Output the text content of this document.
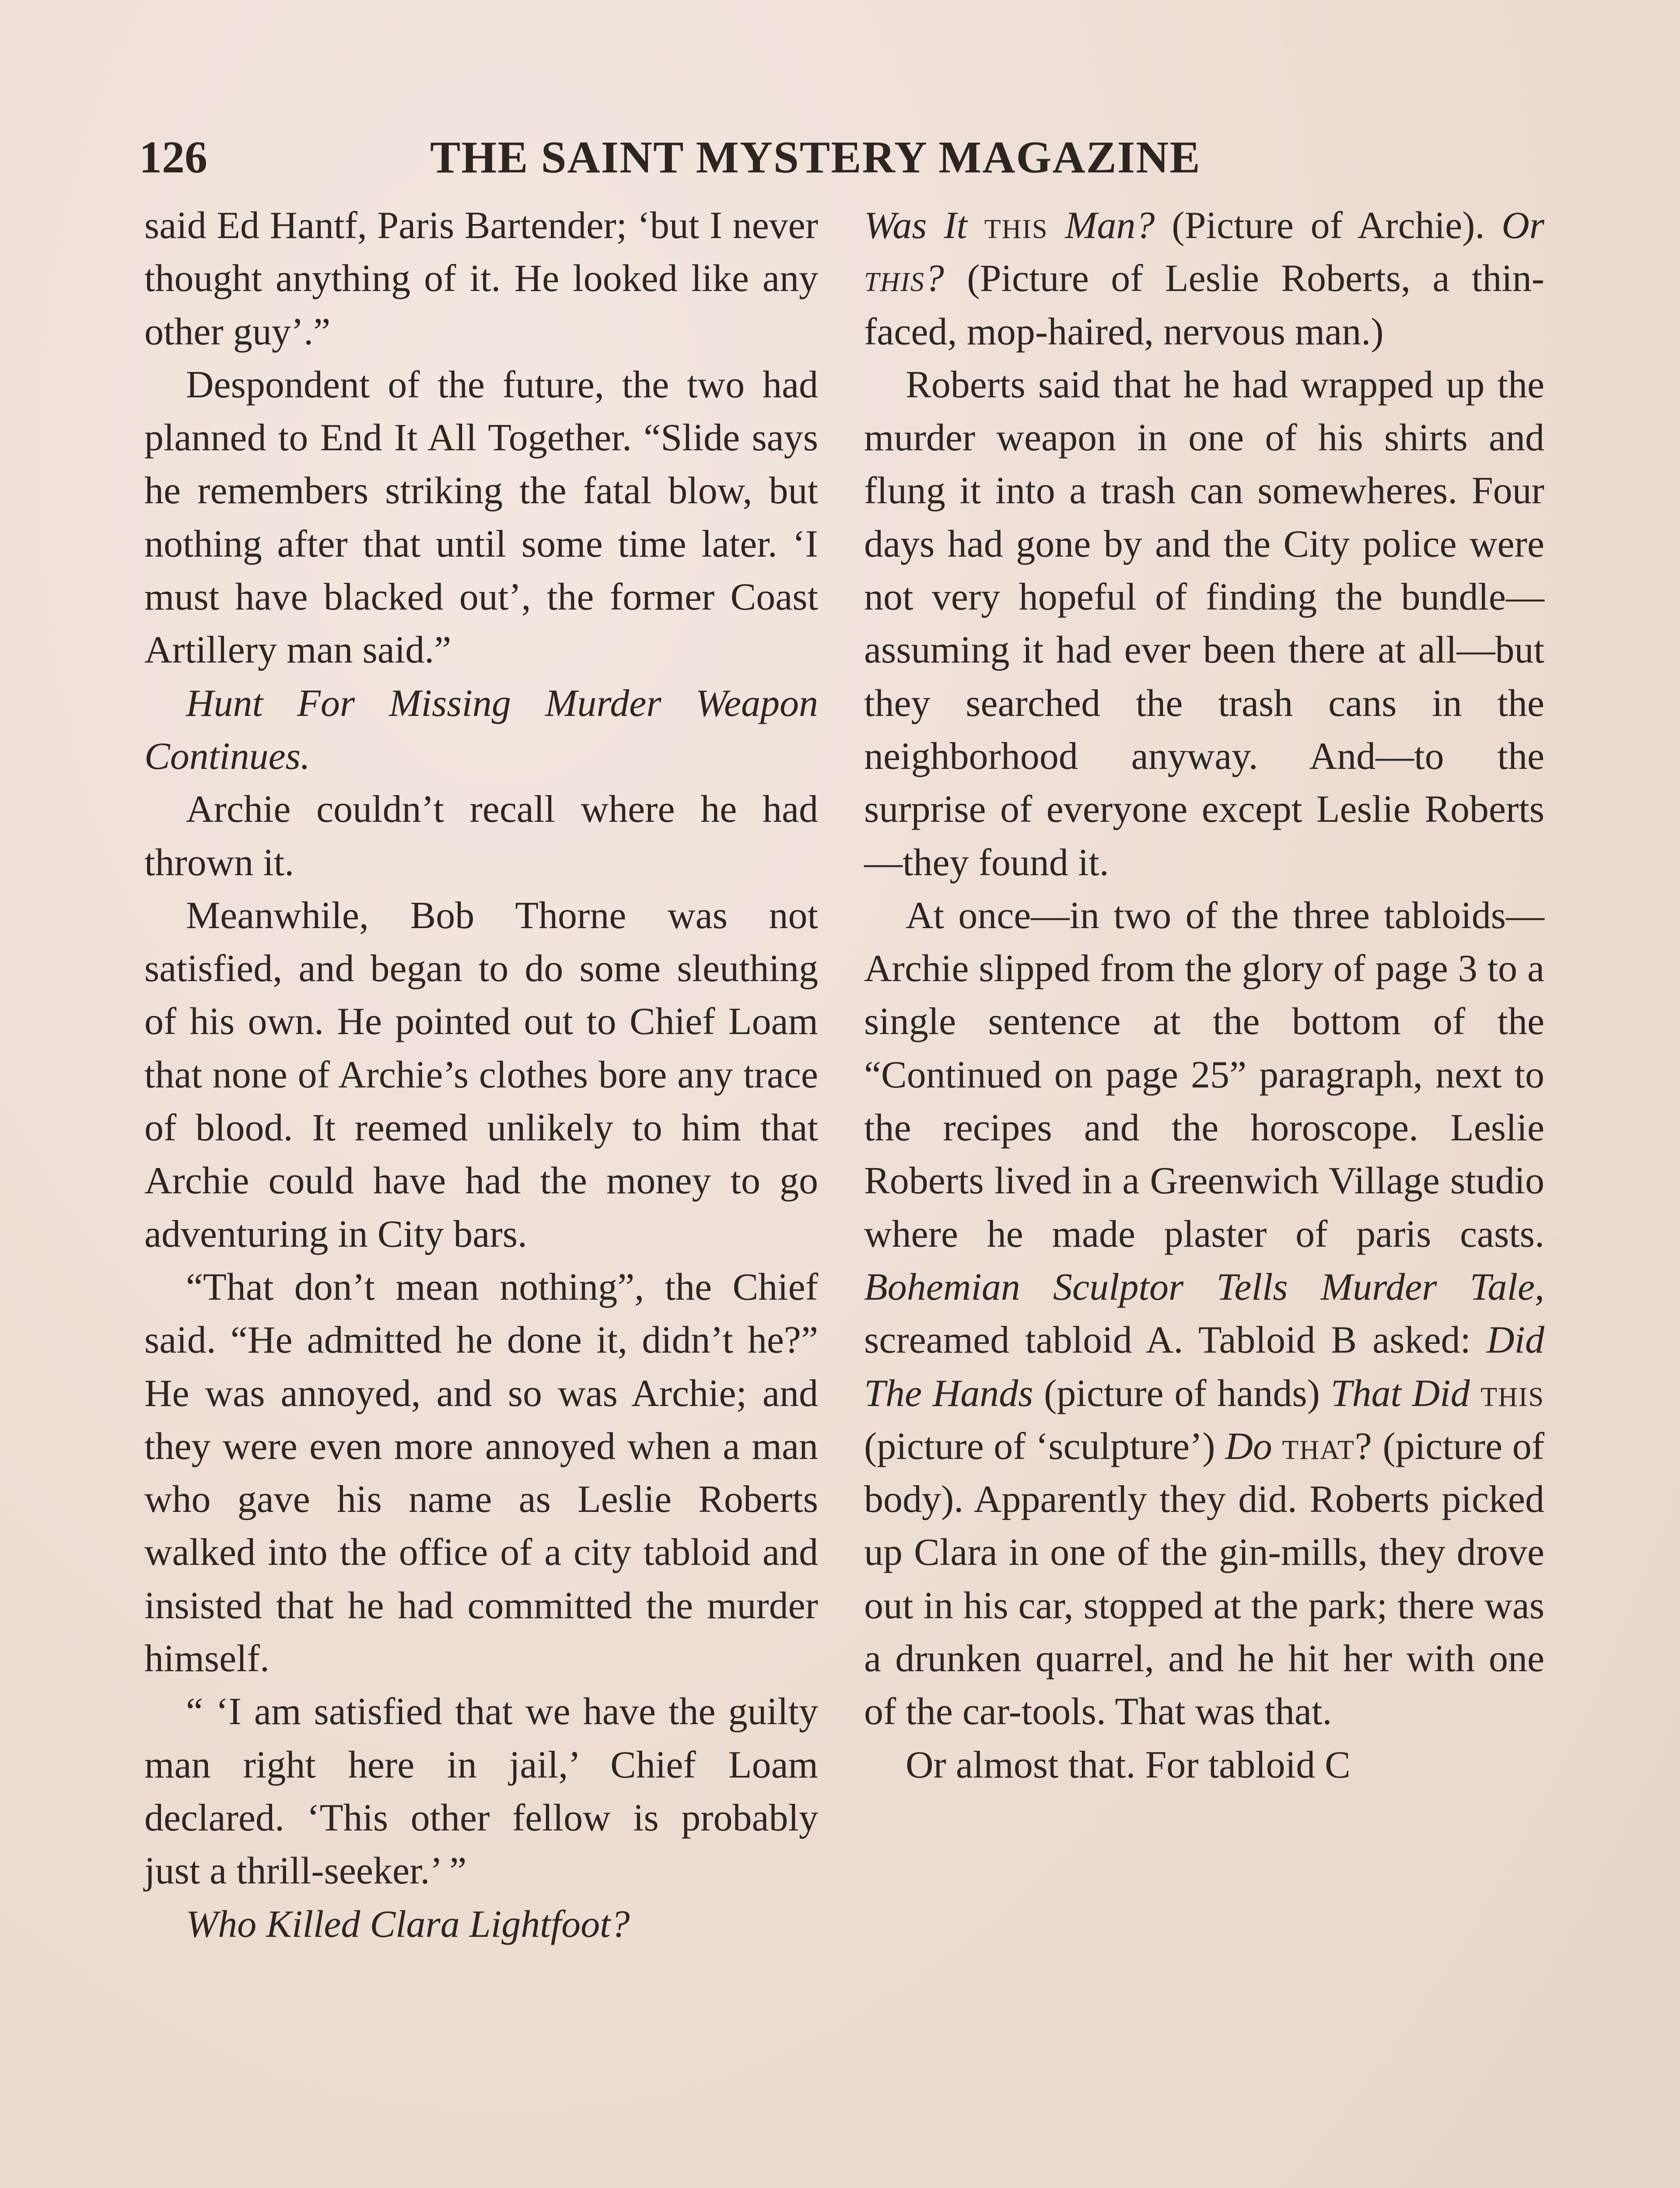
126	THE SAINT MYSTERY MAGAZINE

said Ed Hantf, Paris Bartender; ‘but I never thought anything of it. He looked like any other guy’.”

Despondent of the future, the two had planned to End It All Together. “Slide says he remembers striking the fatal blow, but nothing after that until some time later. ‘I must have blacked out’, the former Coast Artillery man said.”

Hunt For Missing Murder Weapon Continues.

Archie couldn’t recall where he had thrown it.

Meanwhile, Bob Thorne was not satisfied, and began to do some sleuthing of his own. He pointed out to Chief Loam that none of Archie’s clothes bore any trace of blood. It reemed unlikely to him that Archie could have had the money to go adventuring in City bars.

“That don’t mean nothing”, the Chief said. “He admitted he done it, didn’t he?” He was annoyed, and so was Archie; and they were even more annoyed when a man who gave his name as Leslie Roberts walked into the office of a city tabloid and insisted that he had committed the murder himself.

“ ‘I am satisfied that we have the guilty man right here in jail,’ Chief Loam declared. ‘This other fellow is probably just a thrill-seeker.’ ”

Who Killed Clara Lightfoot?

Was It this Man? (Picture of Archie). Or this? (Picture of Leslie Roberts, a thin-faced, mop-haired, nervous man.)

Roberts said that he had wrapped up the murder weapon in one of his shirts and flung it into a trash can somewheres. Four days had gone by and the City police were not very hopeful of finding the bundle—assuming it had ever been there at all—but they searched the trash cans in the neighborhood anyway. And—to the surprise of everyone except Leslie Roberts—they found it.

At once—in two of the three tabloids—Archie slipped from the glory of page 3 to a single sentence at the bottom of the “Continued on page 25” paragraph, next to the recipes and the horoscope. Leslie Roberts lived in a Greenwich Village studio where he made plaster of paris casts. Bohemian Sculptor Tells Murder Tale, screamed tabloid A. Tabloid B asked: Did The Hands (picture of hands) That Did this (picture of ‘sculpture’) Do that? (picture of body). Apparently they did. Roberts picked up Clara in one of the gin-mills, they drove out in his car, stopped at the park; there was a drunken quarrel, and he hit her with one of the car-tools. That was that.

Or almost that. For tabloid C
